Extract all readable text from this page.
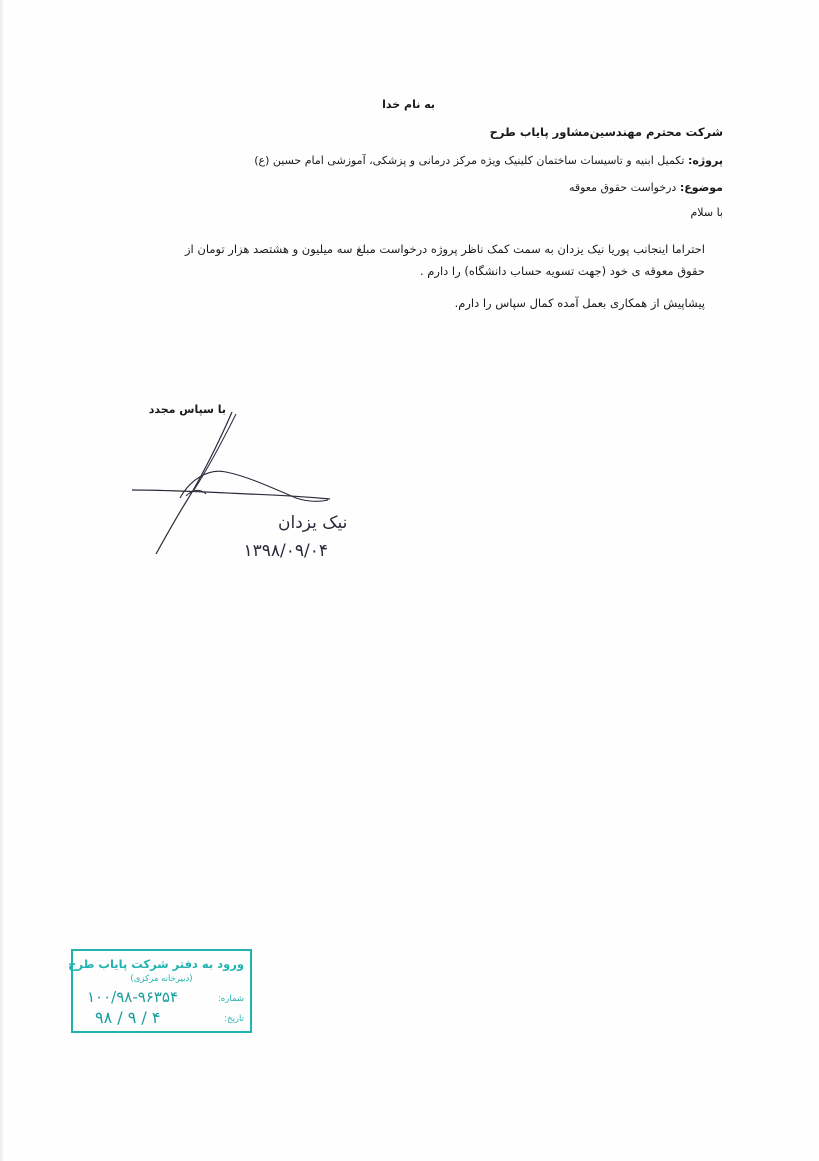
به نام خدا
شرکت محترم مهندسین‌مشاور پایاب طرح
پروژه: تکمیل ابنیه و تاسیسات ساختمان کلینیک ویژه مرکز درمانی و پزشکی، آموزشی امام حسین (ع)
موضوع: درخواست حقوق معوقه
با سلام
احتراما اینجانب پوریا نیک یزدان به سمت کمک ناظر پروژه درخواست مبلغ سه میلیون و هشتصد هزار تومان از
حقوق معوقه ی خود (جهت تسویه حساب دانشگاه) را دارم .
پیشاپیش از همکاری بعمل آمده کمال سپاس را دارم.
با سپاس مجدد
نیک یزدان
۱۳۹۸/۰۹/۰۴
ورود به دفتر شرکت پایاب طرح
(دبیرخانه مرکزی)
شماره:
۱۰۰/۹۸-۹۶۳۵۴
تاریخ:
۹۸ / ۹ / ۴
